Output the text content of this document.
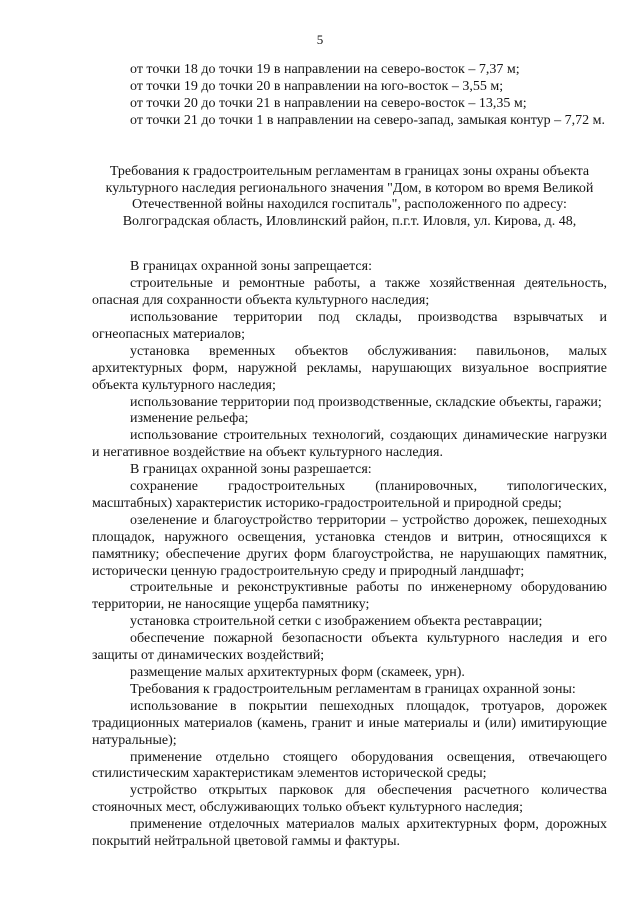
5

от точки 18 до точки 19 в направлении на северо-восток – 7,37 м;

от точки 19 до точки 20 в направлении на юго-восток – 3,55 м;

от точки 20 до точки 21 в направлении на северо-восток – 13,35 м;

от точки 21 до точки 1 в направлении на северо-запад, замыкая контур – 7,72 м.

Требования к градостроительным регламентам в границах зоны охраны объекта культурного наследия регионального значения "Дом, в котором во время Великой Отечественной войны находился госпиталь", расположенного по адресу: Волгоградская область, Иловлинский район, п.г.т. Иловля, ул. Кирова, д. 48,

В границах охранной зоны запрещается:

строительные и ремонтные работы, а также хозяйственная деятельность, опасная для сохранности объекта культурного наследия;

использование территории под склады, производства взрывчатых и огнеопасных материалов;

установка временных объектов обслуживания: павильонов, малых архитектурных форм, наружной рекламы, нарушающих визуальное восприятие объекта культурного наследия;

использование территории под производственные, складские объекты, гаражи;

изменение рельефа;

использование строительных технологий, создающих динамические нагрузки и негативное воздействие на объект культурного наследия.

В границах охранной зоны разрешается:

сохранение градостроительных (планировочных, типологических, масштабных) характеристик историко-градостроительной и природной среды;

озеленение и благоустройство территории – устройство дорожек, пешеходных площадок, наружного освещения, установка стендов и витрин, относящихся к памятнику; обеспечение других форм благоустройства, не нарушающих памятник, исторически ценную градостроительную среду и природный ландшафт;

строительные и реконструктивные работы по инженерному оборудованию территории, не наносящие ущерба памятнику;

установка строительной сетки с изображением объекта реставрации;

обеспечение пожарной безопасности объекта культурного наследия и его защиты от динамических воздействий;

размещение малых архитектурных форм (скамеек, урн).

Требования к градостроительным регламентам в границах охранной зоны:

использование в покрытии пешеходных площадок, тротуаров, дорожек традиционных материалов (камень, гранит и иные материалы и (или) имитирующие натуральные);

применение отдельно стоящего оборудования освещения, отвечающего стилистическим характеристикам элементов исторической среды;

устройство открытых парковок для обеспечения расчетного количества стояночных мест, обслуживающих только объект культурного наследия;

применение отделочных материалов малых архитектурных форм, дорожных покрытий нейтральной цветовой гаммы и фактуры.
